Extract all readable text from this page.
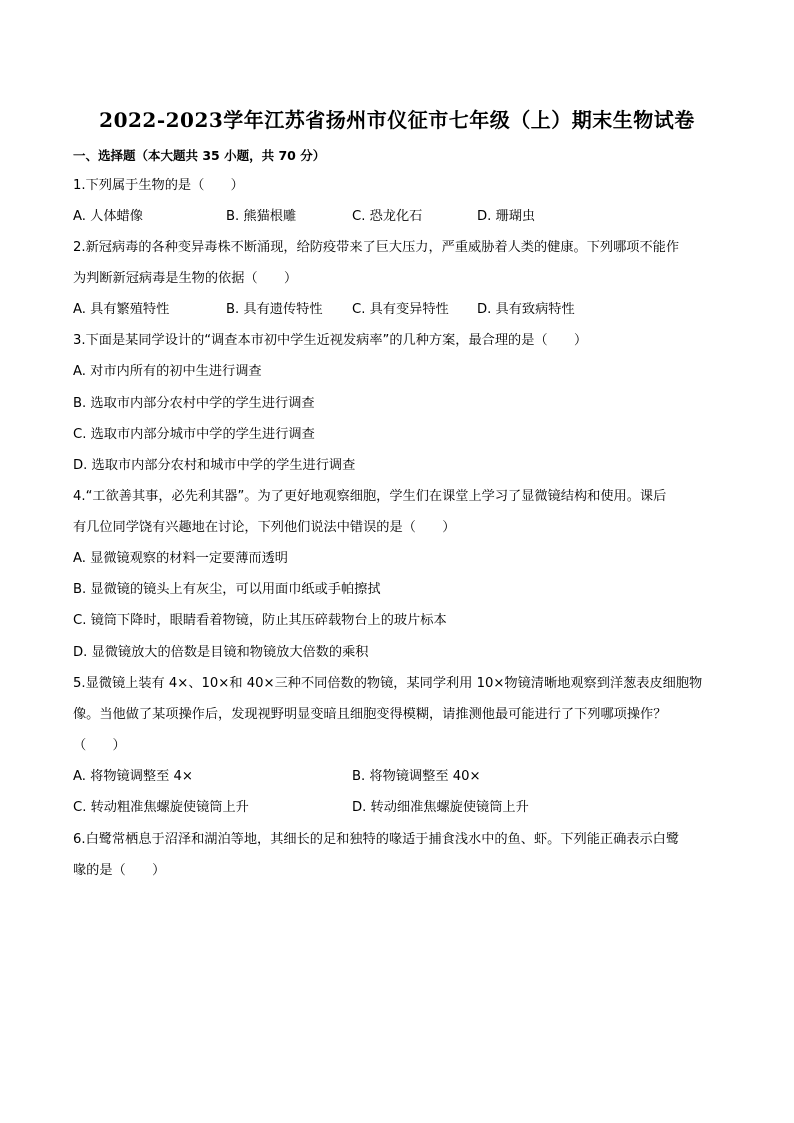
2022-2023学年江苏省扬州市仪征市七年级（上）期末生物试卷
一、选择题（本大题共 35 小题，共 70 分）
1.下列属于生物的是（　　）
A. 人体蜡像	B. 熊猫根雕	C. 恐龙化石	D. 珊瑚虫
2.新冠病毒的各种变异毒株不断涌现，给防疫带来了巨大压力，严重威胁着人类的健康。下列哪项不能作
为判断新冠病毒是生物的依据（　　）
A. 具有繁殖特性	B. 具有遗传特性 C. 具有变异特性 D. 具有致病特性
3.下面是某同学设计的“调查本市初中学生近视发病率”的几种方案，最合理的是（　　）
A. 对市内所有的初中生进行调查
B. 选取市内部分农村中学的学生进行调查
C. 选取市内部分城市中学的学生进行调查
D. 选取市内部分农村和城市中学的学生进行调查
4.“工欲善其事，必先利其器”。为了更好地观察细胞，学生们在课堂上学习了显微镜结构和使用。课后
有几位同学饶有兴趣地在讨论，下列他们说法中错误的是（　　）
A. 显微镜观察的材料一定要薄而透明
B. 显微镜的镜头上有灰尘，可以用面巾纸或手帕擦拭
C. 镜筒下降时，眼睛看着物镜，防止其压碎载物台上的玻片标本
D. 显微镜放大的倍数是目镜和物镜放大倍数的乘积
5.显微镜上装有 4×、10×和 40×三种不同倍数的物镜，某同学利用 10×物镜清晰地观察到洋葱表皮细胞物
像。当他做了某项操作后，发现视野明显变暗且细胞变得模糊，请推测他最可能进行了下列哪项操作？
（　　）
A. 将物镜调整至 4×	B. 将物镜调整至 40×
C. 转动粗准焦螺旋使镜筒上升	D. 转动细准焦螺旋使镜筒上升
6.白鹭常栖息于沼泽和湖泊等地，其细长的足和独特的喙适于捕食浅水中的鱼、虾。下列能正确表示白鹭
喙的是（　　）
